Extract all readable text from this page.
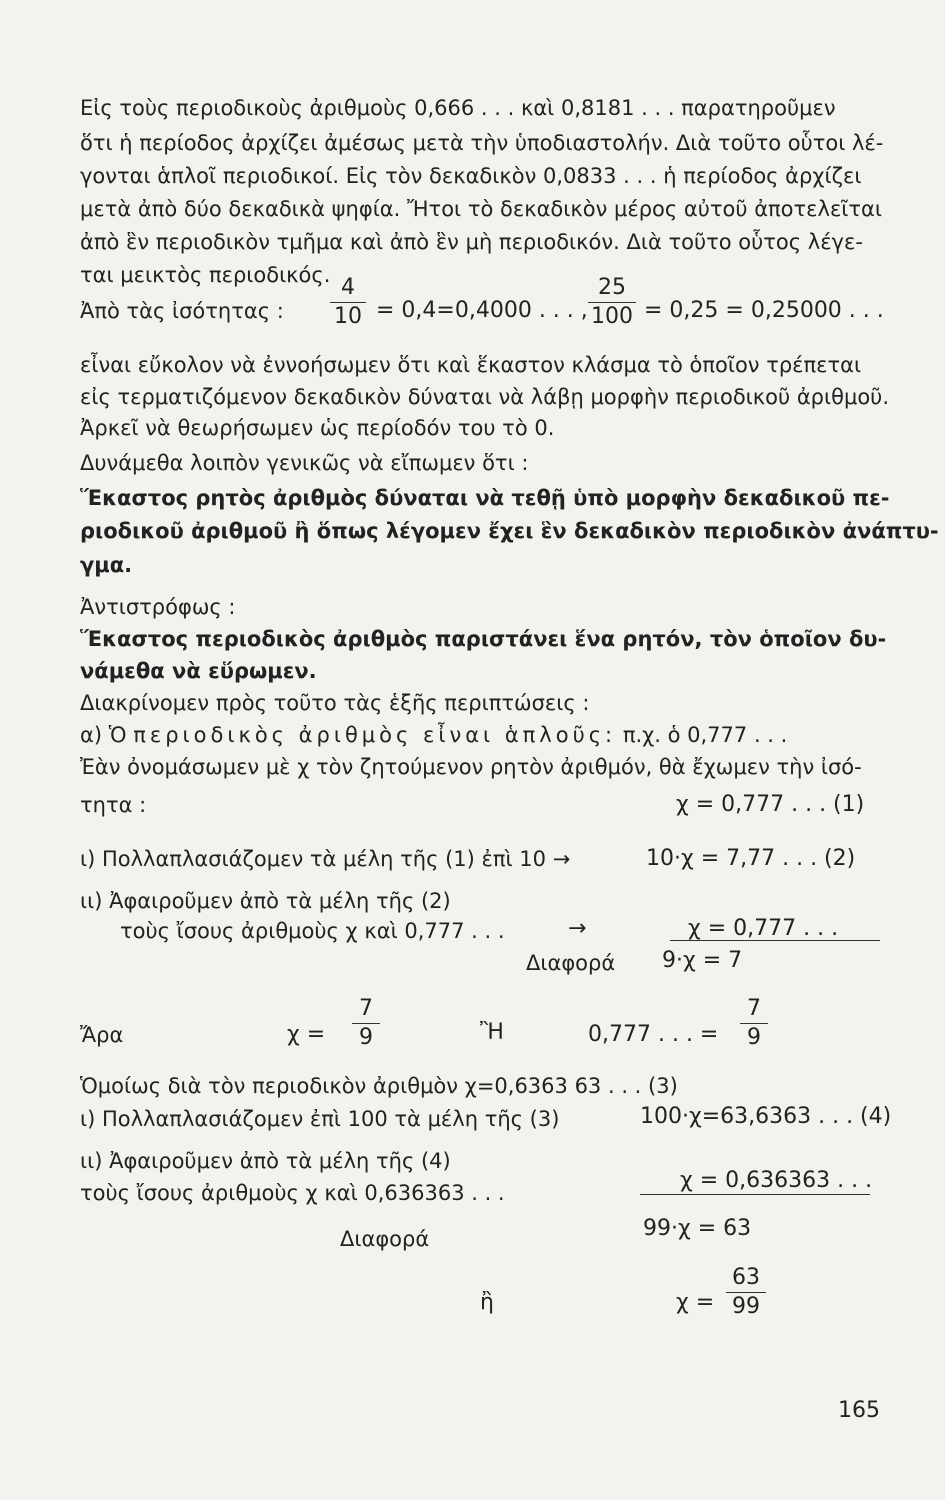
Εἰς τοὺς περιοδικοὺς ἀριθμοὺς 0,666 . . . καὶ 0,8181 . . . παρατηροῦμεν
ὅτι ἡ περίοδος ἀρχίζει ἀμέσως μετὰ τὴν ὑποδιαστολήν. Διὰ τοῦτο οὗτοι λέ-
γονται ἁπλοῖ περιοδικοί. Εἰς τὸν δεκαδικὸν 0,0833 . . . ἡ περίοδος ἀρχίζει
μετὰ ἀπὸ δύο δεκαδικὰ ψηφία. Ἤτοι τὸ δεκαδικὸν μέρος αὐτοῦ ἀποτελεῖται
ἀπὸ ἓν περιοδικὸν τμῆμα καὶ ἀπὸ ἓν μὴ περιοδικόν. Διὰ τοῦτο οὗτος λέγε-
ται μεικτὸς περιοδικός.
Ἀπὸ τὰς ἰσότητας :
4
10 = 0,4=0,4000 . . . ,
25
100 = 0,25 = 0,25000 . . .
εἶναι εὔκολον νὰ ἐννοήσωμεν ὅτι καὶ ἕκαστον κλάσμα τὸ ὁποῖον τρέπεται
εἰς τερματιζόμενον δεκαδικὸν δύναται νὰ λάβῃ μορφὴν περιοδικοῦ ἀριθμοῦ.
Ἀρκεῖ νὰ θεωρήσωμεν ὡς περίοδόν του τὸ 0.
Δυνάμεθα λοιπὸν γενικῶς νὰ εἴπωμεν ὅτι :
Ἕκαστος ρητὸς ἀριθμὸς δύναται νὰ τεθῇ ὑπὸ μορφὴν δεκαδικοῦ πε-
ριοδικοῦ ἀριθμοῦ ἢ ὅπως λέγομεν ἔχει ἓν δεκαδικὸν περιοδικὸν ἀνάπτυ-
γμα.
Ἀντιστρόφως :
Ἕκαστος περιοδικὸς ἀριθμὸς παριστάνει ἕνα ρητόν, τὸν ὁποῖον δυ-
νάμεθα νὰ εὕρωμεν.
Διακρίνομεν πρὸς τοῦτο τὰς ἑξῆς περιπτώσεις :
α) Ὁ περιοδικὸς ἀριθμὸς εἶναι ἁπλοῦς: π.χ. ὁ 0,777 . . .
Ἐὰν ὀνομάσωμεν μὲ χ τὸν ζητούμενον ρητὸν ἀριθμόν, θὰ ἔχωμεν τὴν ἰσό-
τητα :	χ = 0,777 . . . (1)
ι) Πολλαπλασιάζομεν τὰ μέλη τῆς (1) ἐπὶ 10 →	10·χ = 7,77 . . . (2)
ιι) Ἀφαιροῦμεν ἀπὸ τὰ μέλη τῆς (2)
τοὺς ἴσους ἀριθμοὺς χ καὶ 0,777 . . .	→	χ = 0,777 . . .
Διαφορά 9·χ = 7
Ἄρα	χ =
7
9	Ἢ	0,777 . . . =
7
9
Ὁμοίως διὰ τὸν περιοδικὸν ἀριθμὸν χ=0,6363 63 . . . (3)
ι) Πολλαπλασιάζομεν ἐπὶ 100 τὰ μέλη τῆς (3)	100·χ=63,6363 . . . (4)
ιι) Ἀφαιροῦμεν ἀπὸ τὰ μέλη τῆς (4)
τοὺς ἴσους ἀριθμοὺς χ καὶ 0,636363 . . .	χ = 0,636363 . . .
Διαφορά	99·χ = 63
ἢ	χ =
63
99
165
